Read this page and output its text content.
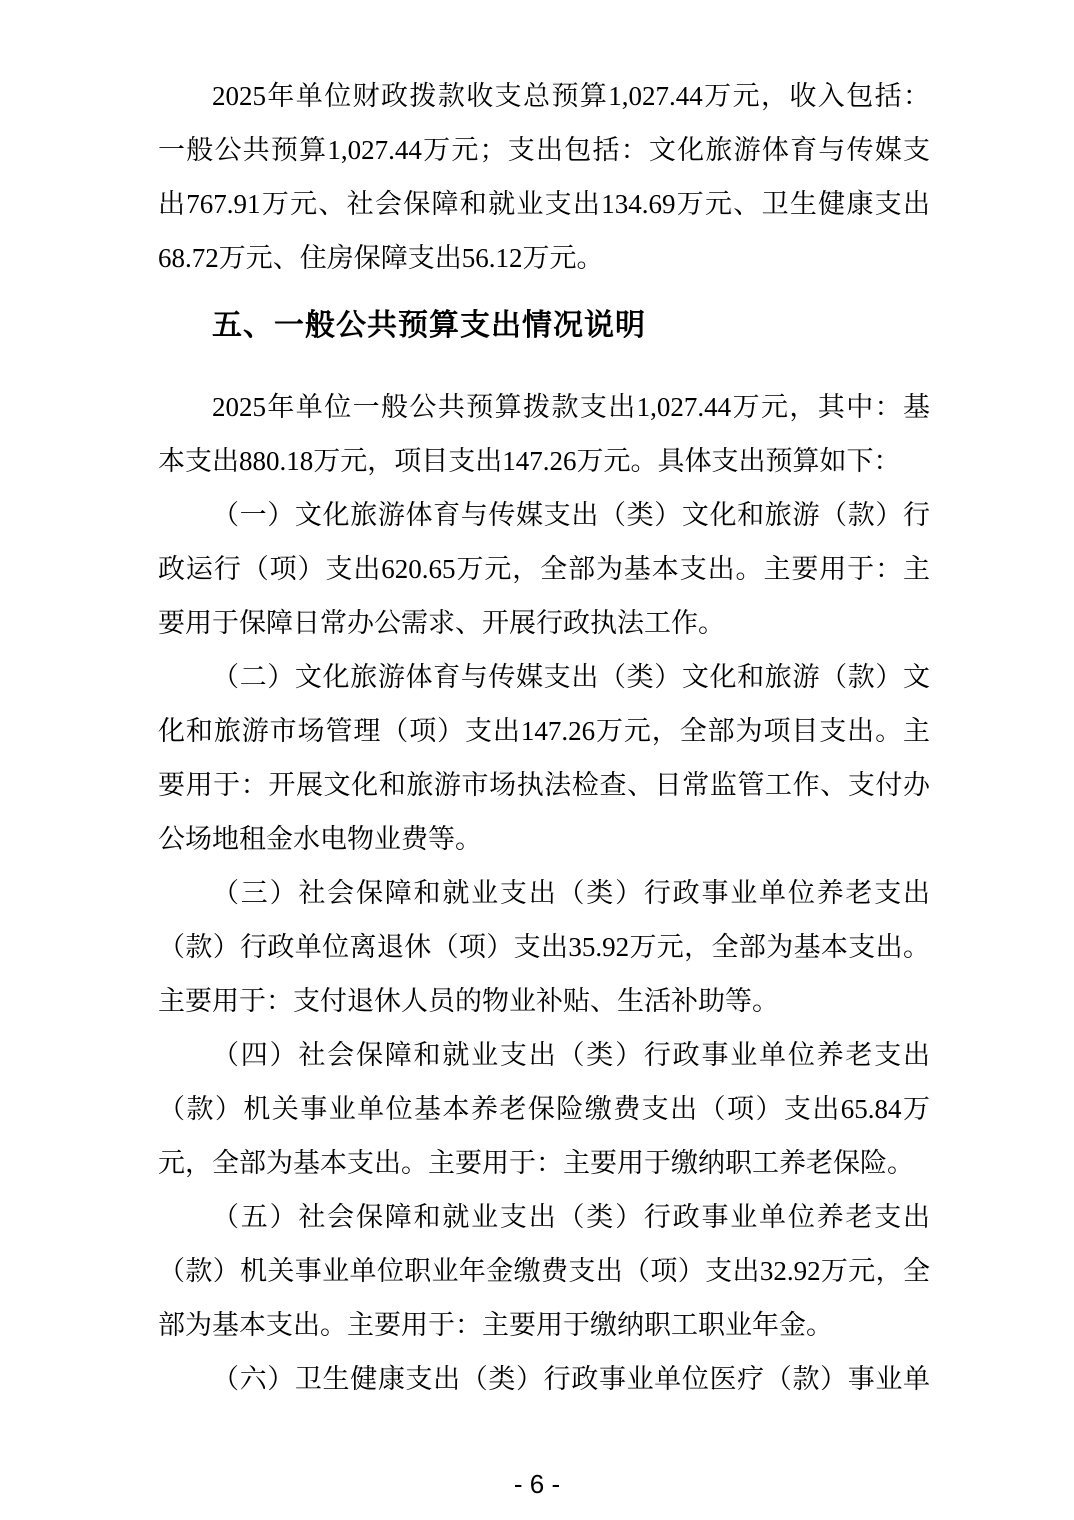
2025年单位财政拨款收支总预算1,027.44万元，收入包括：
一般公共预算1,027.44万元；支出包括：文化旅游体育与传媒支
出767.91万元、社会保障和就业支出134.69万元、卫生健康支出
68.72万元、住房保障支出56.12万元。
五、一般公共预算支出情况说明
2025年单位一般公共预算拨款支出1,027.44万元，其中：基
本支出880.18万元，项目支出147.26万元。具体支出预算如下：
（一）文化旅游体育与传媒支出（类）文化和旅游（款）行
政运行（项）支出620.65万元，全部为基本支出。主要用于：主
要用于保障日常办公需求、开展行政执法工作。
（二）文化旅游体育与传媒支出（类）文化和旅游（款）文
化和旅游市场管理（项）支出147.26万元，全部为项目支出。主
要用于：开展文化和旅游市场执法检查、日常监管工作、支付办
公场地租金水电物业费等。
（三）社会保障和就业支出（类）行政事业单位养老支出
（款）行政单位离退休（项）支出35.92万元，全部为基本支出。
主要用于：支付退休人员的物业补贴、生活补助等。
（四）社会保障和就业支出（类）行政事业单位养老支出
（款）机关事业单位基本养老保险缴费支出（项）支出65.84万
元，全部为基本支出。主要用于：主要用于缴纳职工养老保险。
（五）社会保障和就业支出（类）行政事业单位养老支出
（款）机关事业单位职业年金缴费支出（项）支出32.92万元，全
部为基本支出。主要用于：主要用于缴纳职工职业年金。
（六）卫生健康支出（类）行政事业单位医疗（款）事业单
- 6 -
